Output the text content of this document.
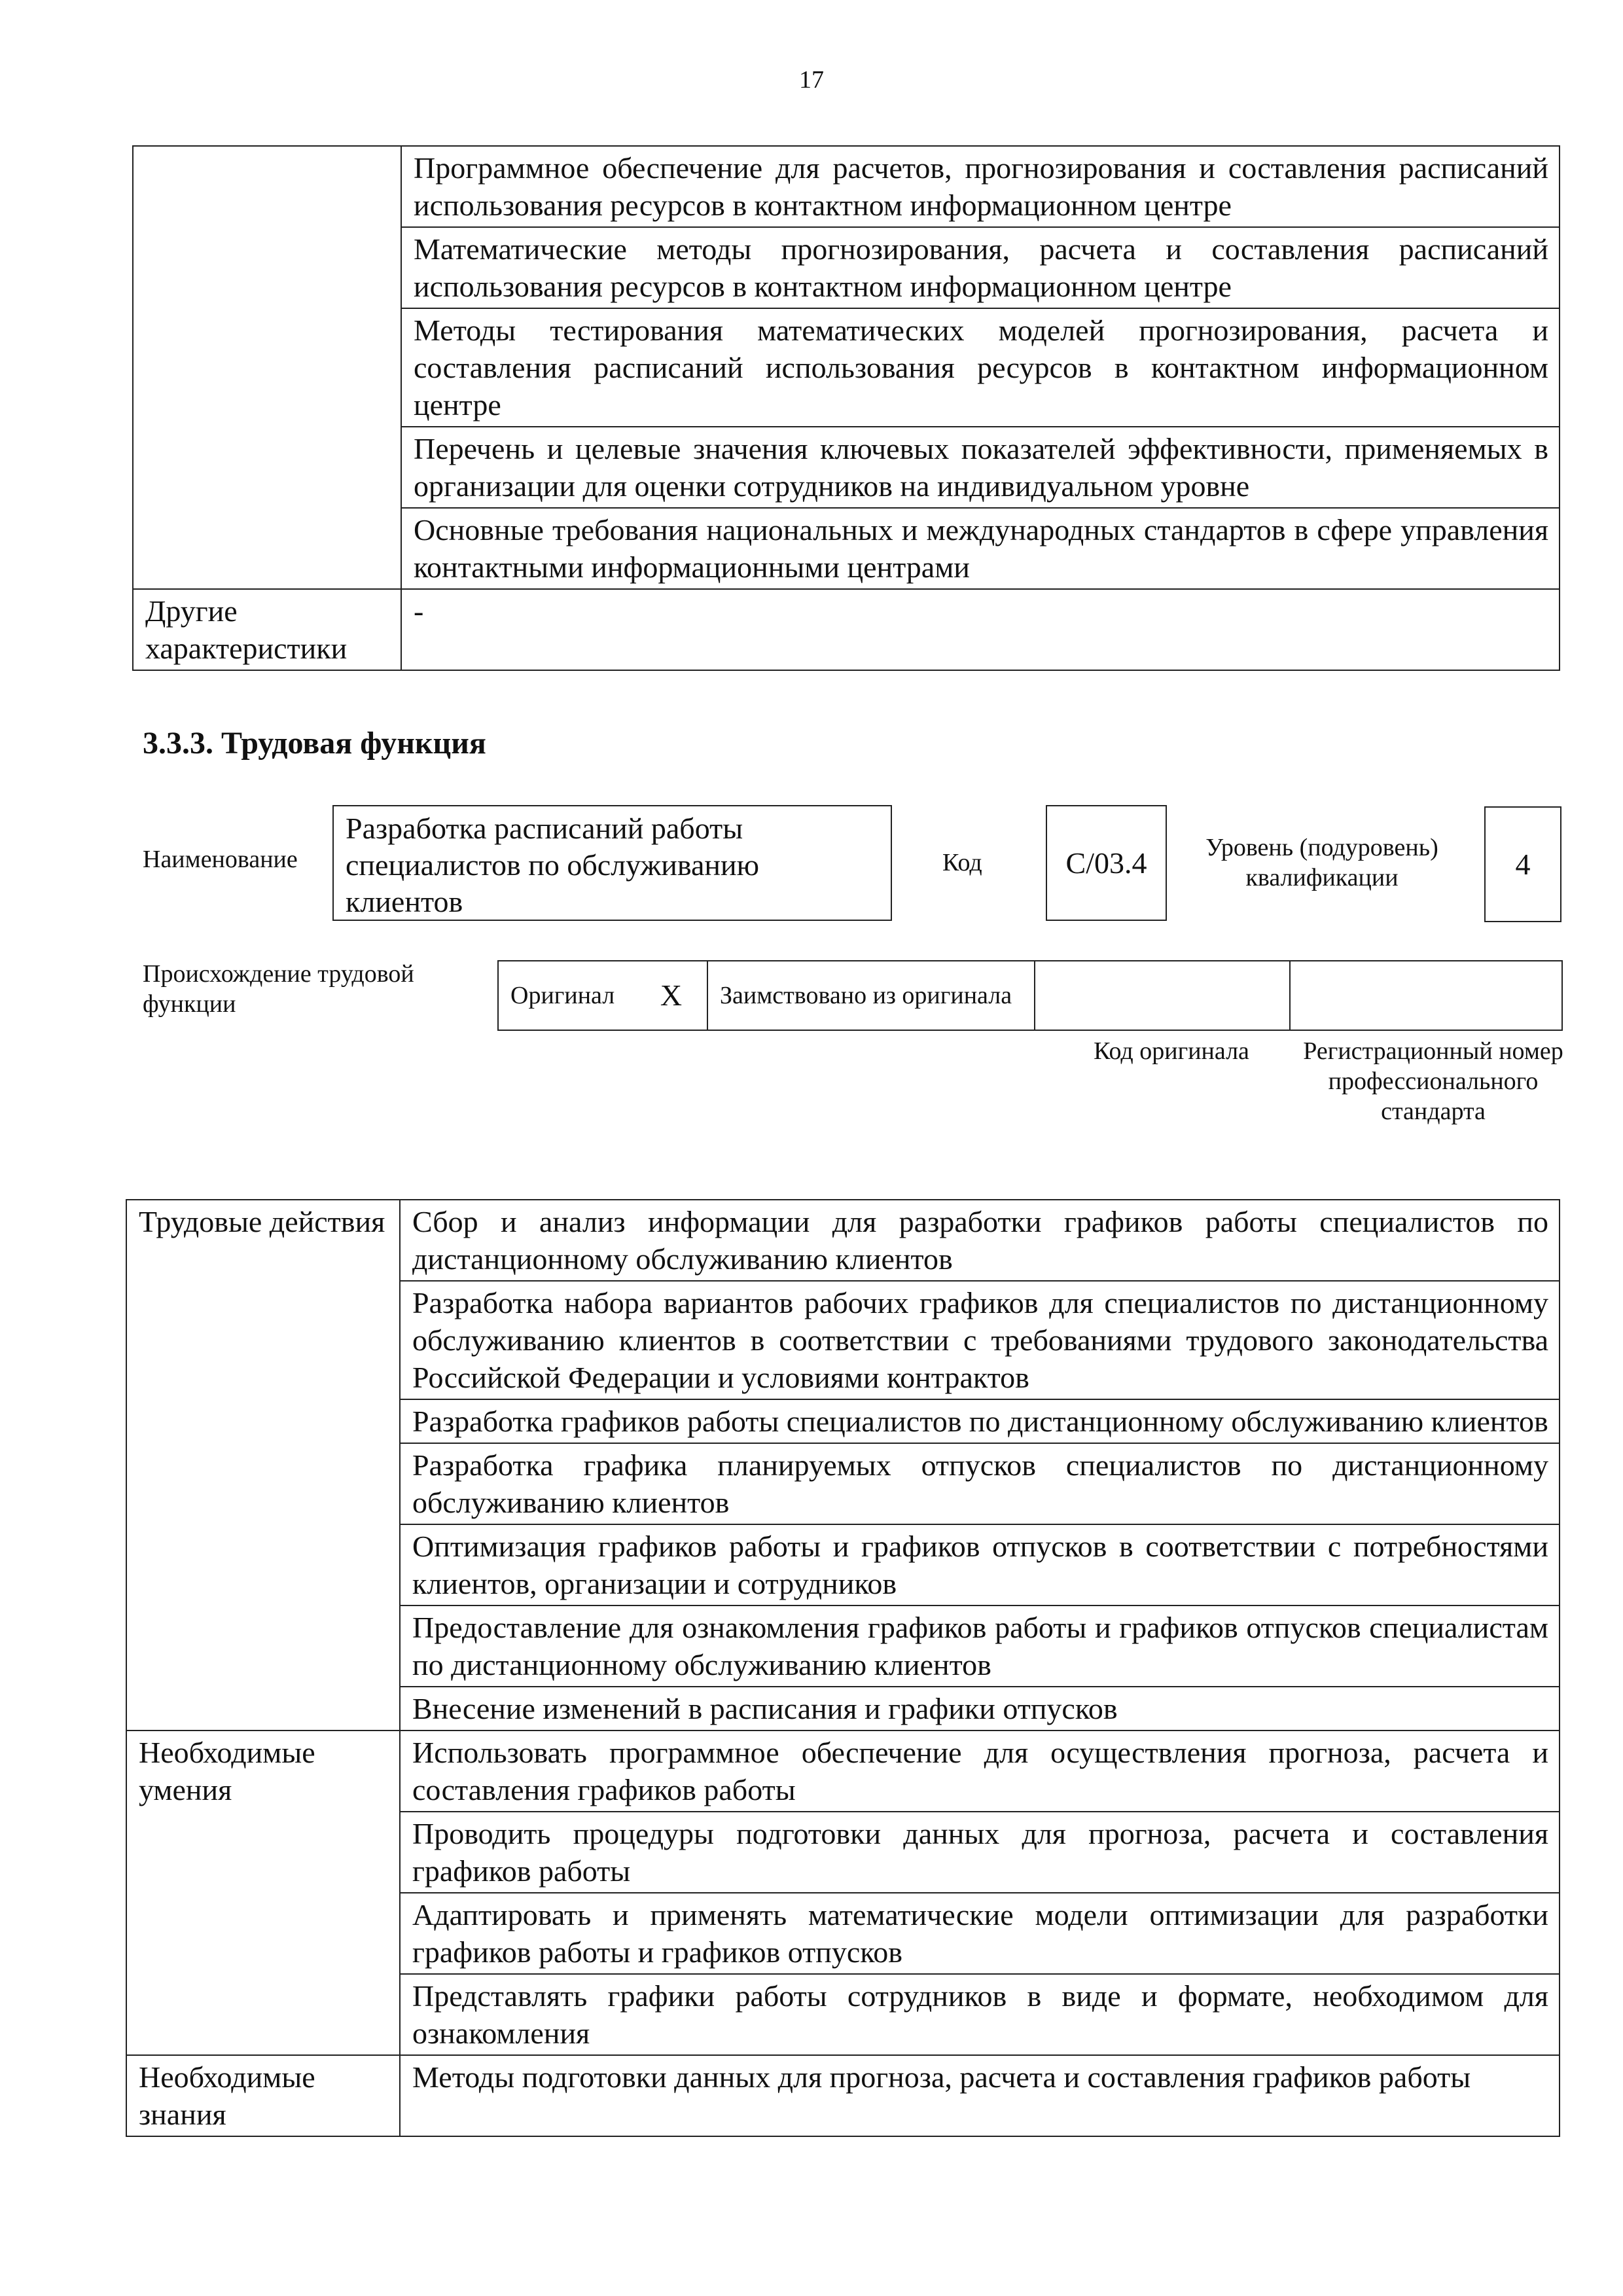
17
	Программное обеспечение для расчетов, прогнозирования и составления расписаний использования ресурсов в контактном информационном центре
	Математические методы прогнозирования, расчета и составления расписаний использования ресурсов в контактном информационном центре
	Методы тестирования математических моделей прогнозирования, расчета и составления расписаний использования ресурсов в контактном информационном центре
	Перечень и целевые значения ключевых показателей эффективности, применяемых в организации для оценки сотрудников на индивидуальном уровне
	Основные требования национальных и международных стандартов в сфере управления контактными информационными центрами
Другие характеристики	-
3.3.3. Трудовая функция
Наименование
Разработка расписаний работы специалистов по обслуживанию клиентов
Код	C/03.4	Уровень (подуровень) квалификации	4
Происхождение трудовой функции	Оригинал	X	Заимствовано из оригинала		
Код оригинала	Регистрационный номер профессионального стандарта
Трудовые действия	Сбор и анализ информации для разработки графиков работы специалистов по дистанционному обслуживанию клиентов
	Разработка набора вариантов рабочих графиков для специалистов по дистанционному обслуживанию клиентов в соответствии с требованиями трудового законодательства Российской Федерации и условиями контрактов
	Разработка графиков работы специалистов по дистанционному обслуживанию клиентов
	Разработка графика планируемых отпусков специалистов по дистанционному обслуживанию клиентов
	Оптимизация графиков работы и графиков отпусков в соответствии с потребностями клиентов, организации и сотрудников
	Предоставление для ознакомления графиков работы и графиков отпусков специалистам по дистанционному обслуживанию клиентов
	Внесение изменений в расписания и графики отпусков
Необходимые умения	Использовать программное обеспечение для осуществления прогноза, расчета и составления графиков работы
	Проводить процедуры подготовки данных для прогноза, расчета и составления графиков работы
	Адаптировать и применять математические модели оптимизации для разработки графиков работы и графиков отпусков
	Представлять графики работы сотрудников в виде и формате, необходимом для ознакомления
Необходимые знания	Методы подготовки данных для прогноза, расчета и составления графиков работы
